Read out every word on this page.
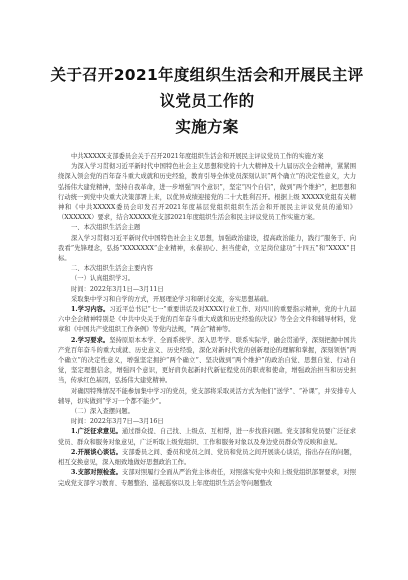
关于召开2021年度组织生活会和开展民主评议党员工作的
实施方案

中共XXXXX支部委员会关于召开2021年度组织生活会和开展民主评议党员工作的实施方案

为深入学习贯彻习近平新时代中国特色社会主义思想和党的十九大精神及十九届历次全会精神，紧紧围绕深入领会党的百年奋斗重大成就和历史经验，教育引导全体党员深刻认识“两个确立”的决定性意义，大力弘扬伟大建党精神，坚持自我革命，进一步增强“四个意识”，坚定“四个自信”，做到“两个维护”，把思想和行动统一到党中央重大决策部署上来，以优异成绩迎接党的二十大胜利召开。根据上级 XXXXX党组有关精神和《中共XXXXX委员会印发召开2021年度基层党组织组织生活会和开展民主评议党员的通知》（XXXXXX）要求，结合XXXXX党支部2021年度组织生活会和民主评议党员工作实施方案。

一、本次组织生活会主题

深入学习贯彻习近平新时代中国特色社会主义思想，加强政治建设，提高政治能力，践行“服务于、向我看”先锋理念，弘扬“XXXXXXX”企业精神，永葆初心、担当使命，立足岗位建功“十四五”和“XXXX”目标。

二、本次组织生活会主要内容

（一）认真组织学习。

时间：2022年3月1日—3月11日

采取集中学习和自学的方式，开展理论学习和研讨交流，夯实思想基础。

1.学习内容。习近平总书记“七一”重要讲话及对XXXX行业工作、对四川的重要指示精神，党的十九届六中全会精神特别是《中共中央关于党的百年奋斗重大成就和历史经验的决议》等全会文件和辅导材料，党章和《中国共产党组织工作条例》等党内法规，“两会”精神等。

2.学习要求。坚持原原本本学、全面系统学、深入思考学、联系实际学，融会贯通学，深刻把握中国共产党百年奋斗的重大成就、历史意义、历史经验，深化对新时代党的创新理论的理解和掌握，深刻领悟“两个确立”的决定性意义，增强坚定拥护“两个确立”、坚决做到“两个维护”的政治自觉、思想自觉、行动自觉，坚定理想信念，增强四个意识，更好肩负起新时代新征程党员的职责和使命，增强政治担当和历史担当，传承红色基因，弘扬伟大建党精神。

对确因特殊情况不能参加集中学习的党员，党支部将采取灵活方式为他们“送学”、“补课”，并安排专人辅导，切实做到“学习一个都不能少”。

（二）深入查摆问题。

时间：2022年3月7日—3月16日

1.广泛征求意见。通过群众提、自己找、上级点、互相帮，进一步找准问题。党支部和党员要广泛征求党员、群众和服务对象意见，广泛听取上级党组织、工作和服务对象以及身边党员群众等反映和意见。

2.开展谈心谈话。支部委员之间、委员和党员之间、党员和党员之间开展谈心谈话，指出存在的问题，相互交换意见，深入细致地做好思想政治工作。

3.支部对照检查。支部对照履行全面从严治党主体责任，对照落实党中央和上级党组织部署要求，对照完成党支部学习教育、专题整治、巡视巡察以及上年度组织生活会等问题整改
